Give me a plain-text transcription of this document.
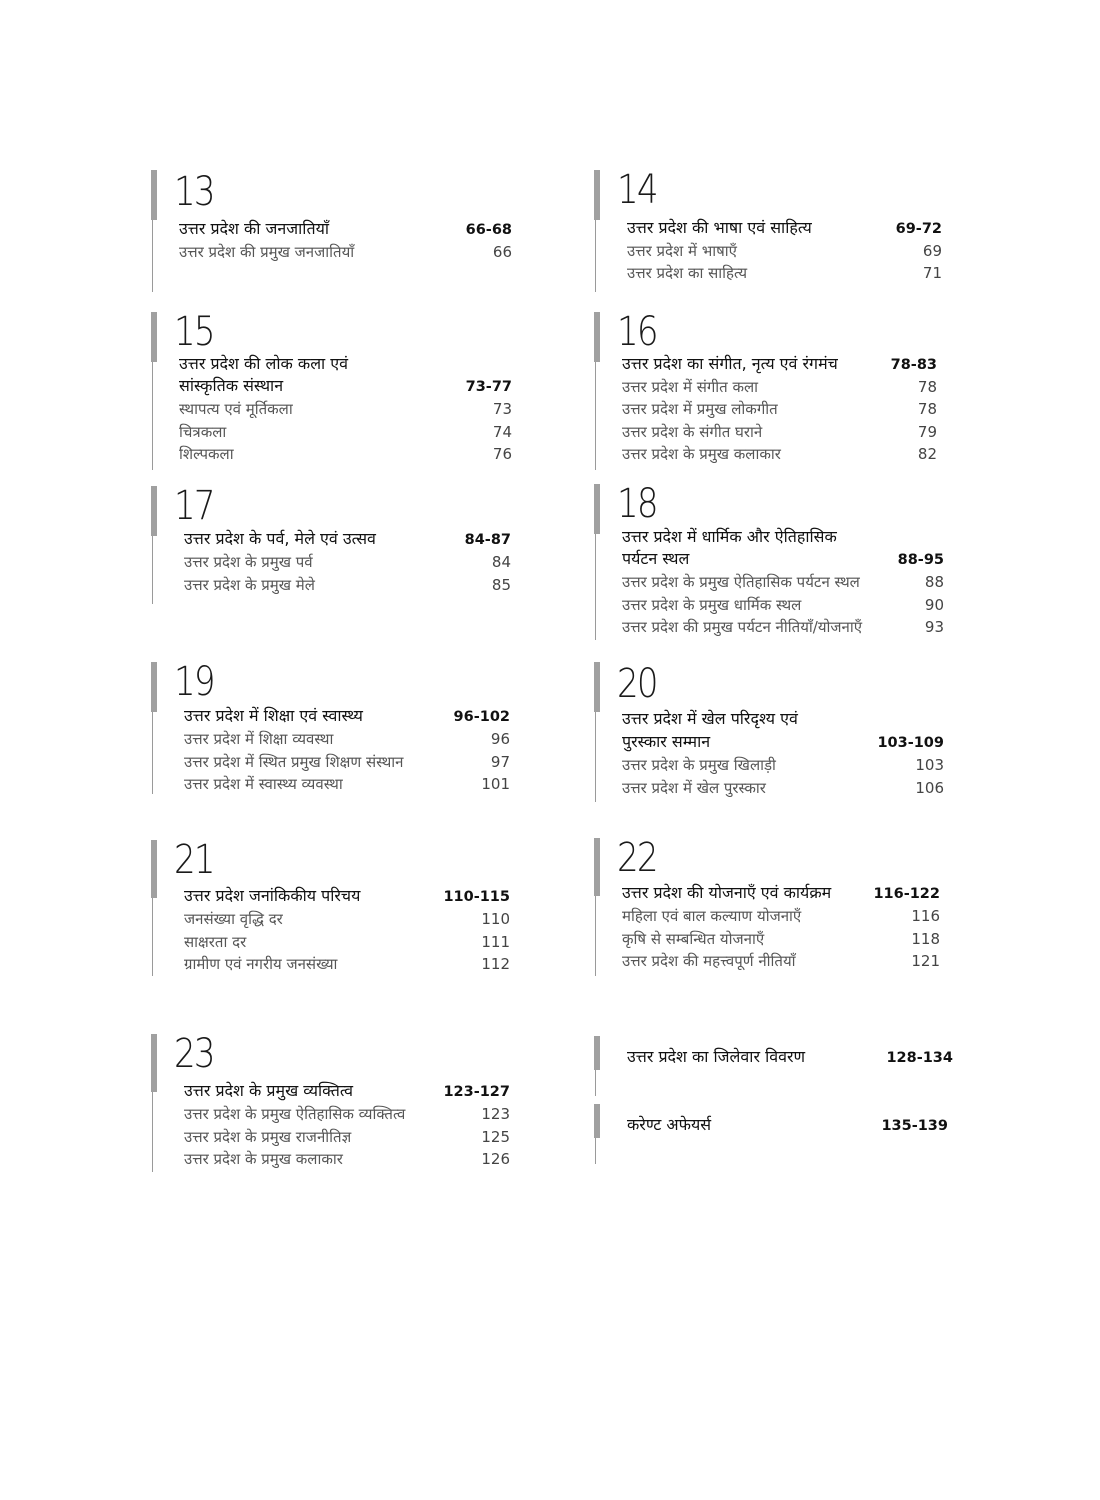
13
उत्तर प्रदेश की जनजातियाँ	66-68
उत्तर प्रदेश की प्रमुख जनजातियाँ	66
14
उत्तर प्रदेश की भाषा एवं साहित्य	69-72
उत्तर प्रदेश में भाषाएँ	69
उत्तर प्रदेश का साहित्य	71
15
उत्तर प्रदेश की लोक कला एवं
सांस्कृतिक संस्थान	73-77
स्थापत्य एवं मूर्तिकला	73
चित्रकला	74
शिल्पकला	76
16
उत्तर प्रदेश का संगीत, नृत्य एवं रंगमंच	78-83
उत्तर प्रदेश में संगीत कला	78
उत्तर प्रदेश में प्रमुख लोकगीत	78
उत्तर प्रदेश के संगीत घराने	79
उत्तर प्रदेश के प्रमुख कलाकार	82
17
उत्तर प्रदेश के पर्व, मेले एवं उत्सव	84-87
उत्तर प्रदेश के प्रमुख पर्व	84
उत्तर प्रदेश के प्रमुख मेले	85
18
उत्तर प्रदेश में धार्मिक और ऐतिहासिक
पर्यटन स्थल	88-95
उत्तर प्रदेश के प्रमुख ऐतिहासिक पर्यटन स्थल	88
उत्तर प्रदेश के प्रमुख धार्मिक स्थल	90
उत्तर प्रदेश की प्रमुख पर्यटन नीतियाँ/योजनाएँ	93
19
उत्तर प्रदेश में शिक्षा एवं स्वास्थ्य	96-102
उत्तर प्रदेश में शिक्षा व्यवस्था	96
उत्तर प्रदेश में स्थित प्रमुख शिक्षण संस्थान	97
उत्तर प्रदेश में स्वास्थ्य व्यवस्था	101
20
उत्तर प्रदेश में खेल परिदृश्य एवं
पुरस्कार सम्मान	103-109
उत्तर प्रदेश के प्रमुख खिलाड़ी	103
उत्तर प्रदेश में खेल पुरस्कार	106
21
उत्तर प्रदेश जनांकिकीय परिचय	110-115
जनसंख्या वृद्धि दर	110
साक्षरता दर	111
ग्रामीण एवं नगरीय जनसंख्या	112
22
उत्तर प्रदेश की योजनाएँ एवं कार्यक्रम	116-122
महिला एवं बाल कल्याण योजनाएँ	116
कृषि से सम्बन्धित योजनाएँ	118
उत्तर प्रदेश की महत्त्वपूर्ण नीतियाँ	121
23
उत्तर प्रदेश के प्रमुख व्यक्तित्व	123-127
उत्तर प्रदेश के प्रमुख ऐतिहासिक व्यक्तित्व	123
उत्तर प्रदेश के प्रमुख राजनीतिज्ञ	125
उत्तर प्रदेश के प्रमुख कलाकार	126
उत्तर प्रदेश का जिलेवार विवरण	128-134
करेण्ट अफेयर्स	135-139
